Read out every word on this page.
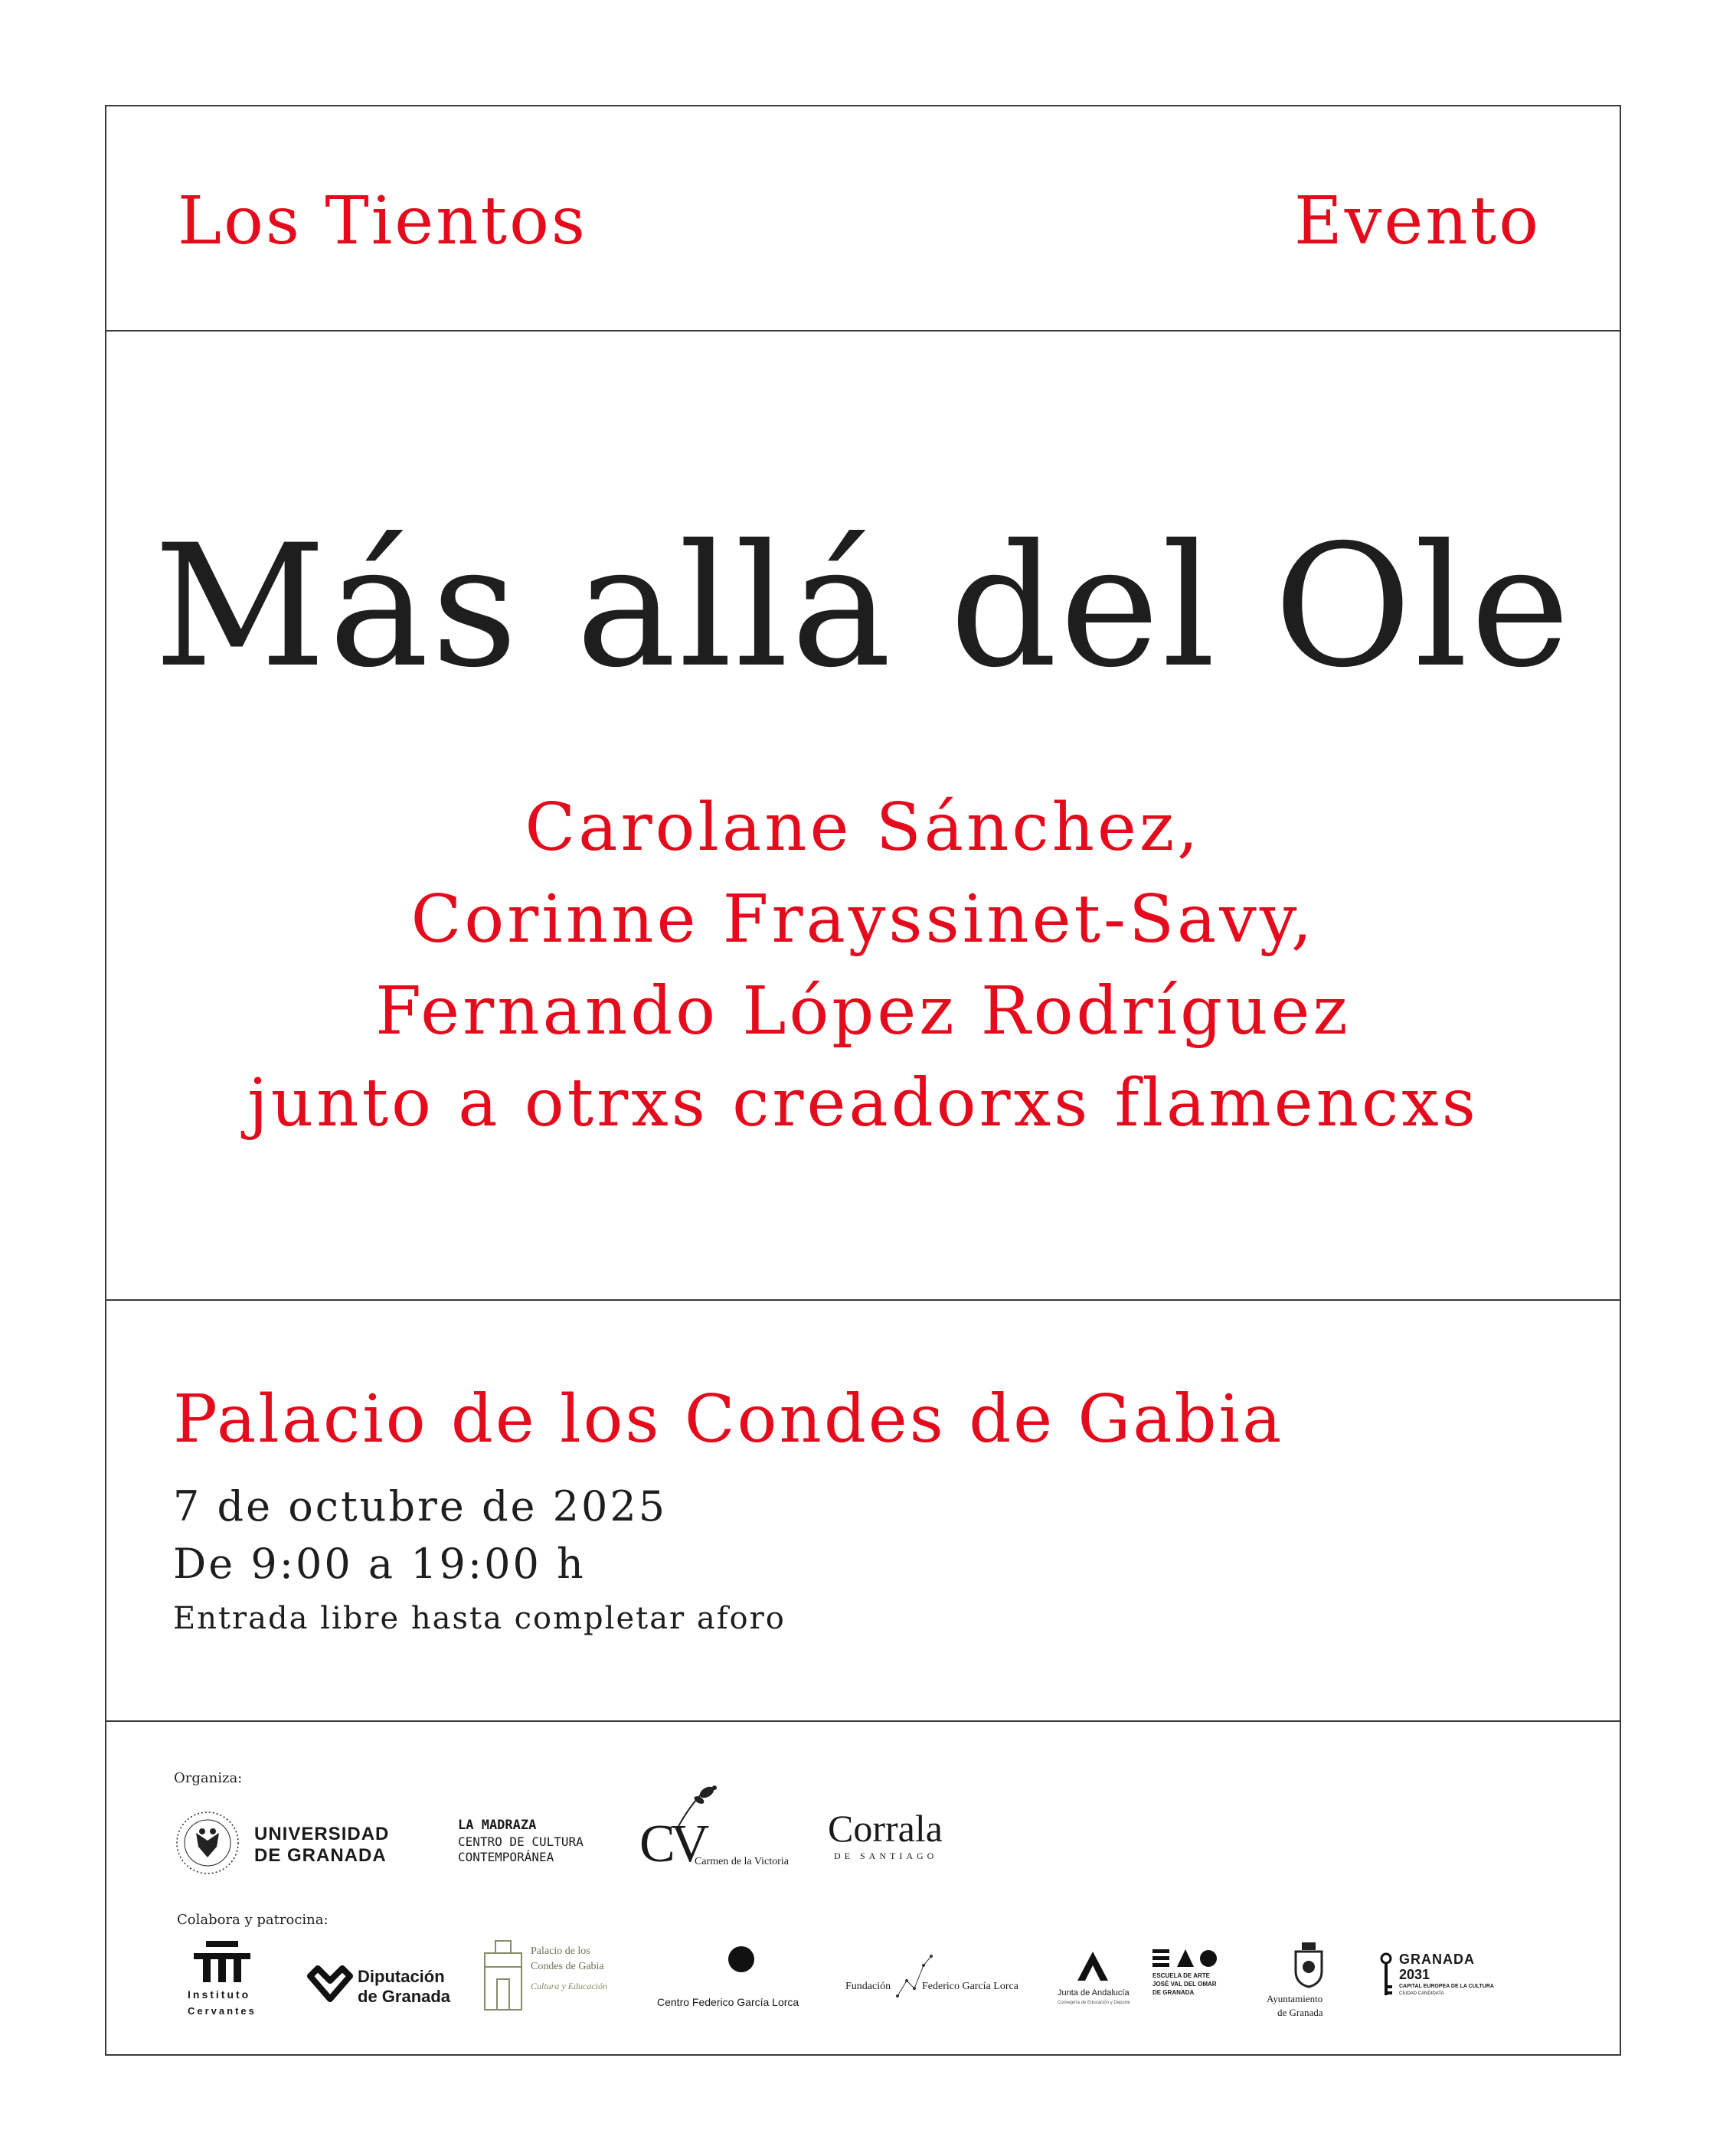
Los Tientos	Evento
Más allá del Ole
Carolane Sánchez,
Corinne Frayssinet-Savy,
Fernando López Rodríguez
junto a otrxs creadorxs flamencxs
Palacio de los Condes de Gabia
7 de octubre de 2025
De 9:00 a 19:00 h
Entrada libre hasta completar aforo
Organiza:
UNIVERSIDAD
DE GRANADA
LA MADRAZA
CENTRO DE CULTURA
CONTEMPORÁNEA CV
Carmen de la Victoria
Corrala
DE SANTIAGO
Colabora y patrocina:
Instituto
Cervantes
Diputación
de Granada
Palacio de los
Condes de Gabia
Cultura y Educación
Centro Federico García Lorca
Fundación	Federico García Lorca
Junta de Andalucía
Consejería de Educación y Deporte
ESCUELA DE ARTE
JOSÉ VAL DEL OMAR
DE GRANADA
Ayuntamiento
de Granada
GRANADA
2031
CAPITAL EUROPEA DE LA CULTURA
CIUDAD CANDIDATA
